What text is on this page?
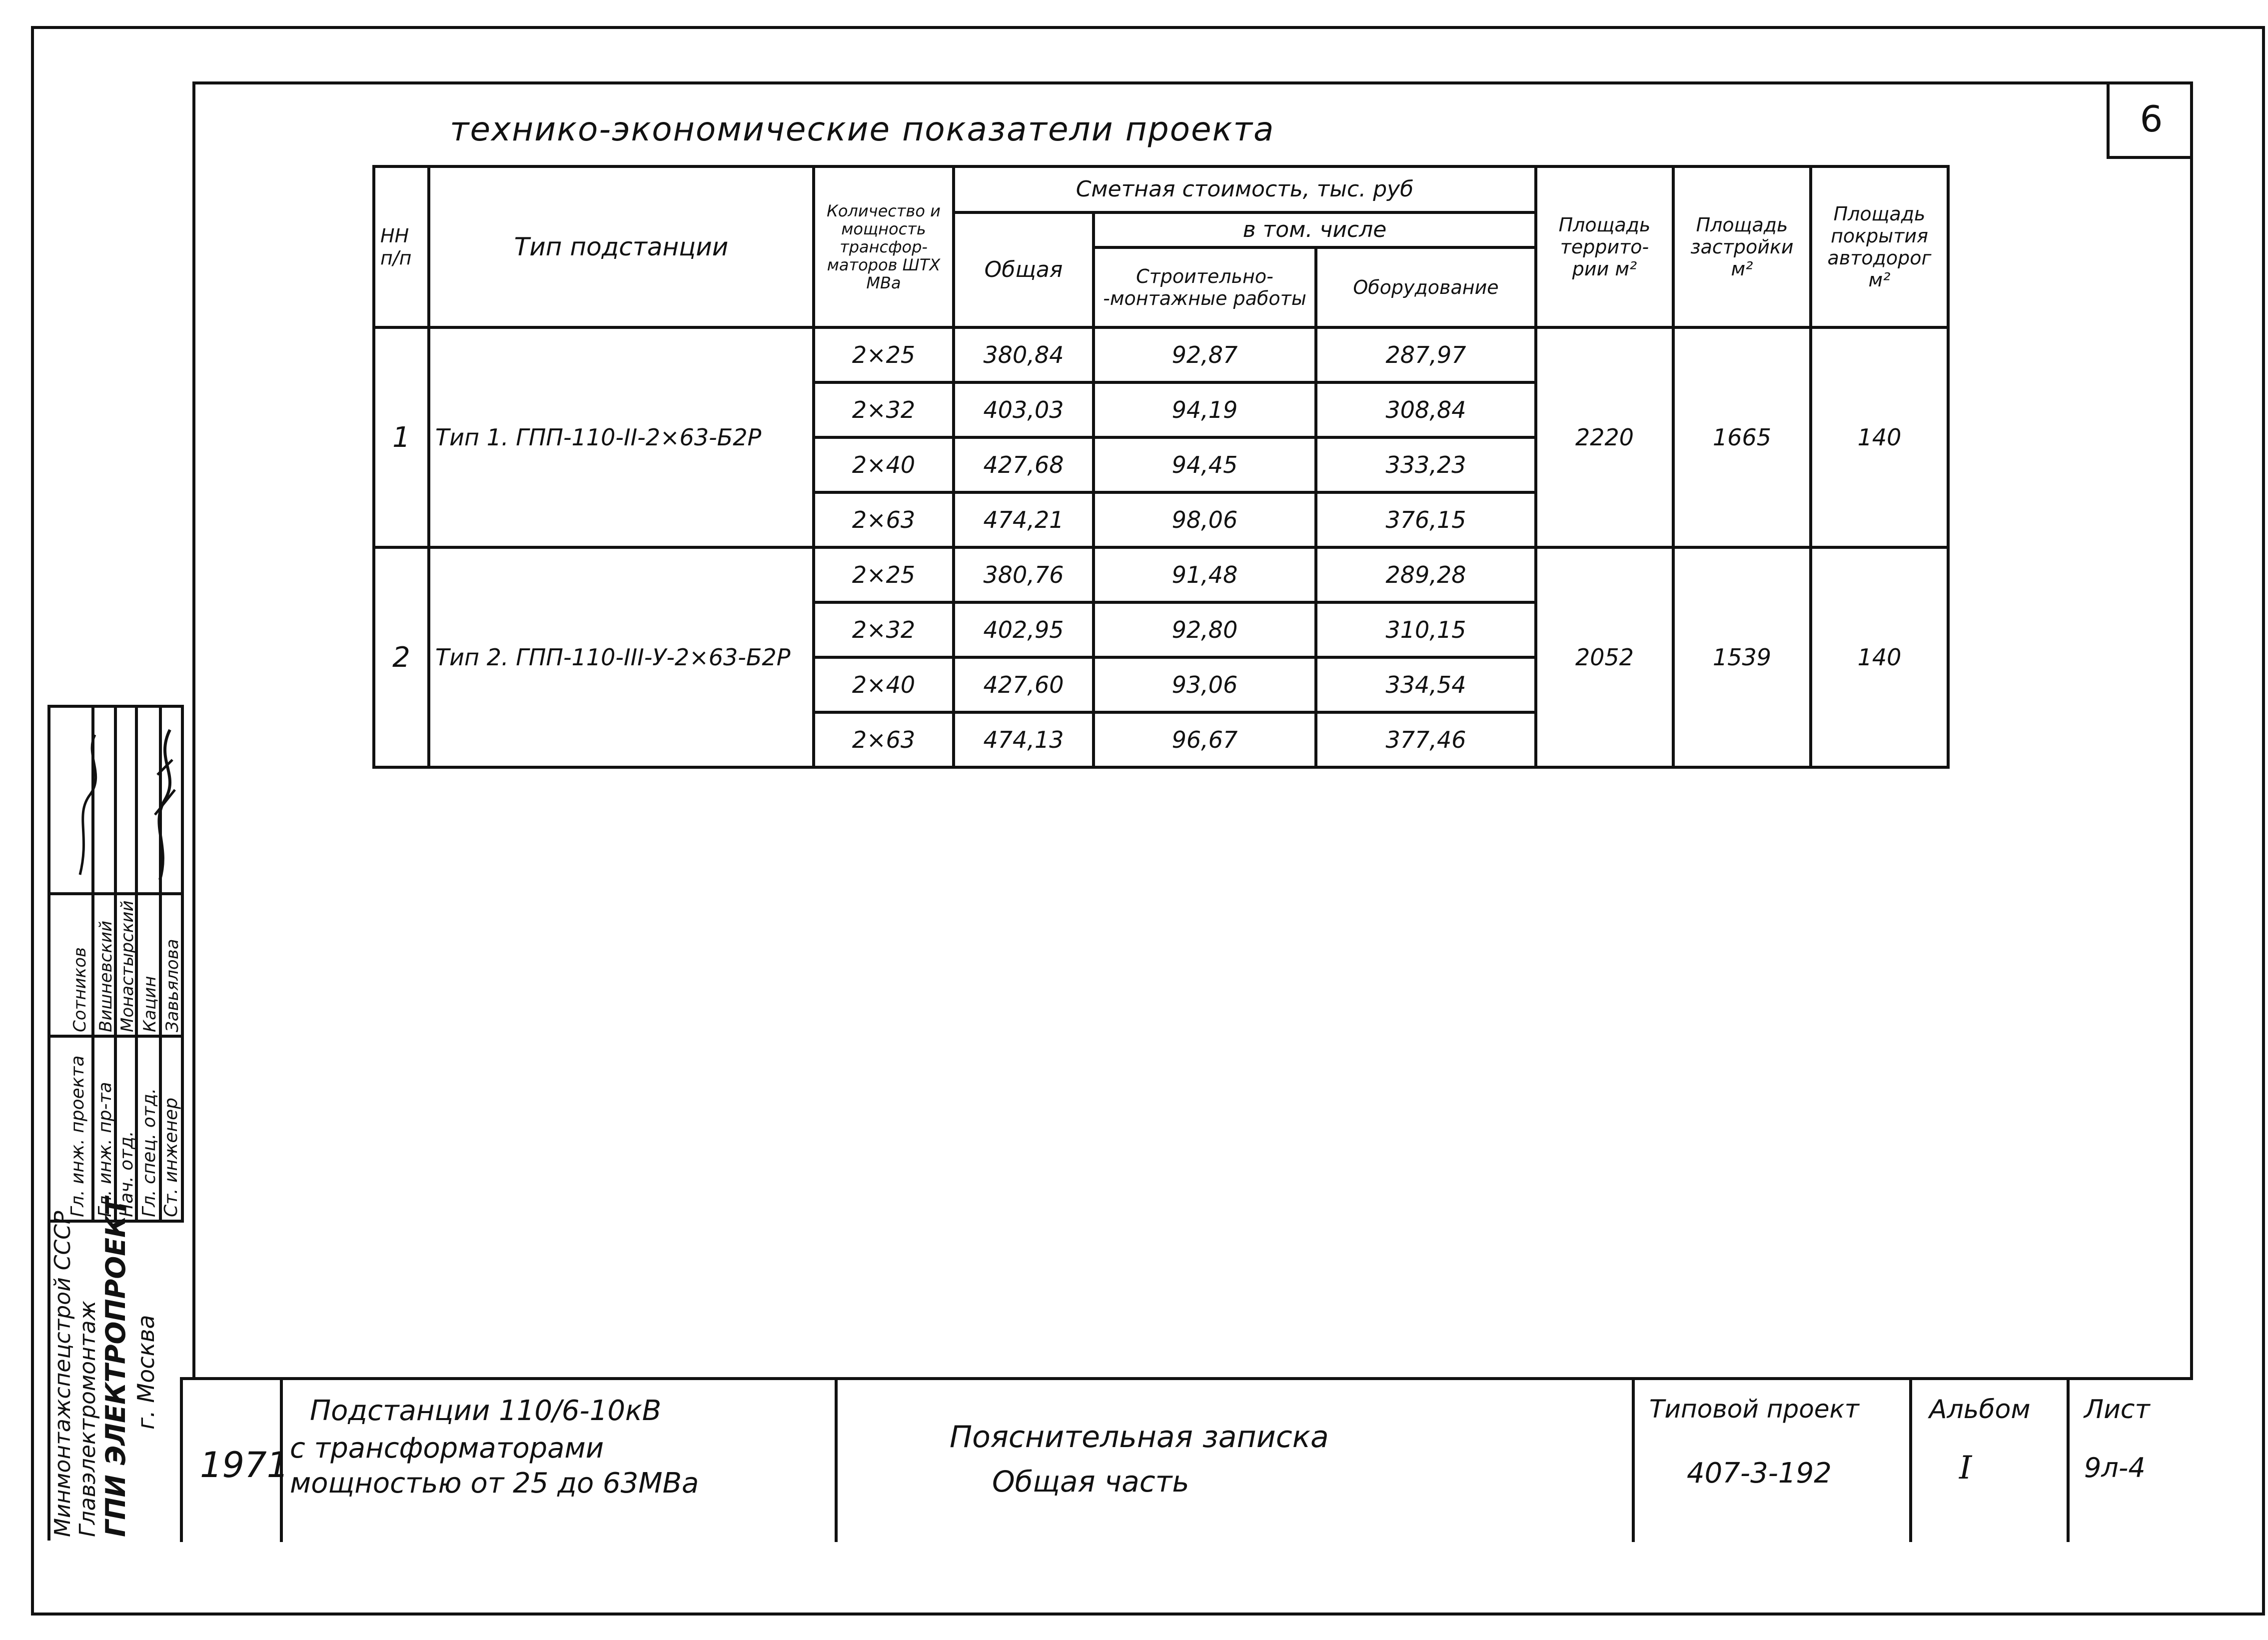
6
технико-экономические показатели проекта
НН п/п	Тип подстанции	Количество и мощность трансфор- маторов ШТХ МВа	Сметная стоимость, тыс. руб			Площадь террито- рии м²	Площадь застройки м²	Площадь покрытия автодорог м²
			Общая	в том. числе				
				Строительно- -монтажные работы	Оборудование			
1	Тип 1. ГПП-110-II-2×63-Б2Р	2×25	380,84	92,87	287,97	2220	1665	140
		2×32	403,03	94,19	308,84			
		2×40	427,68	94,45	333,23			
		2×63	474,21	98,06	376,15			
2	Тип 2. ГПП-110-III-У-2×63-Б2Р	2×25	380,76	91,48	289,28	2052	1539	140
		2×32	402,95	92,80	310,15			
		2×40	427,60	93,06	334,54			
		2×63	474,13	96,67	377,46			
Гл. инж. проекта Гл. инж. пр-та Нач. отд. Гл. спец. отд. Ст. инженер
Сотников Вишневский Монастырский Кацин Завьялова
Минмонтажспецстрой СССР Главэлектромонтаж ГПИ ЭЛЕКТРОПРОЕКТ г. Москва
1971
Подстанции 110/6-10кВ
с трансформаторами
мощностью от 25 до 63МВа
Пояснительная записка
Общая часть
Типовой проект
407-3-192
Альбом
I
Лист
9л-4
